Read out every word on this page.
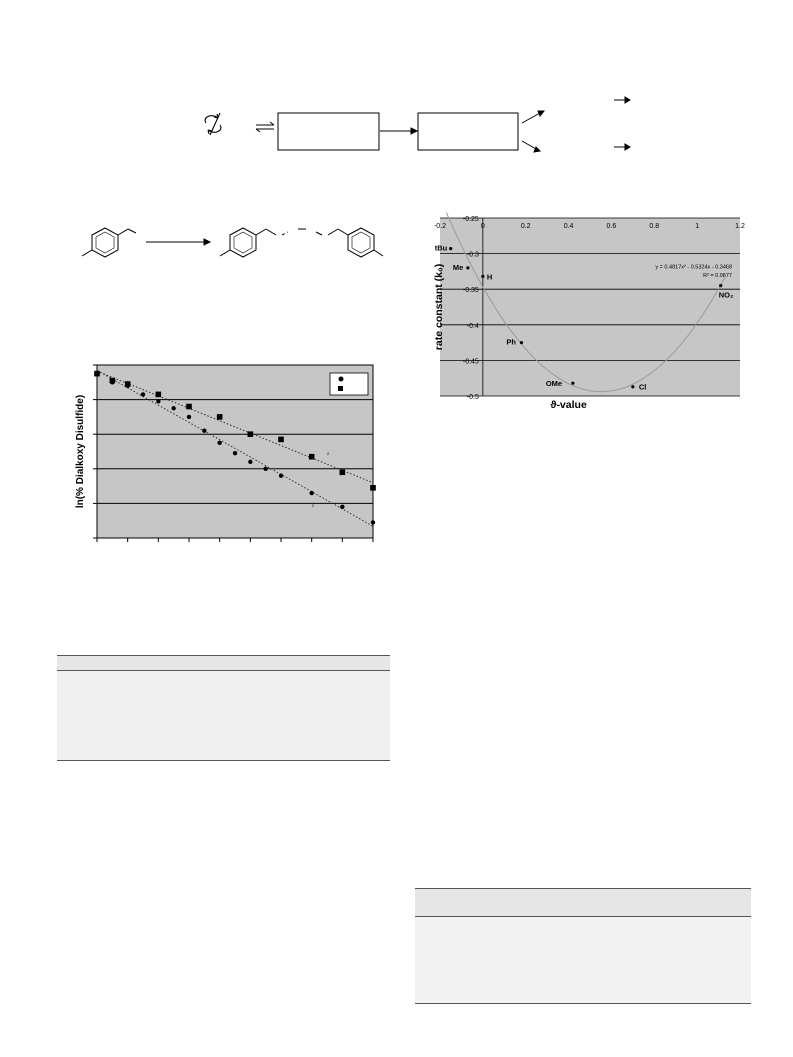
ln(% Dialkoxy Disulfide)	2
2
-0.25
-0.3
-0.35
-0.4
-0.45
-0.5
-0.2	0	0.2	0.4	0.6	0.8	1	1.2
tBu
Me
H
Ph
OMe	Cl
NO₂
y = 0.4817x² - 0.5324x - 0.3468
R² = 0.9877
rate constant (k₀)
ϑ-value
